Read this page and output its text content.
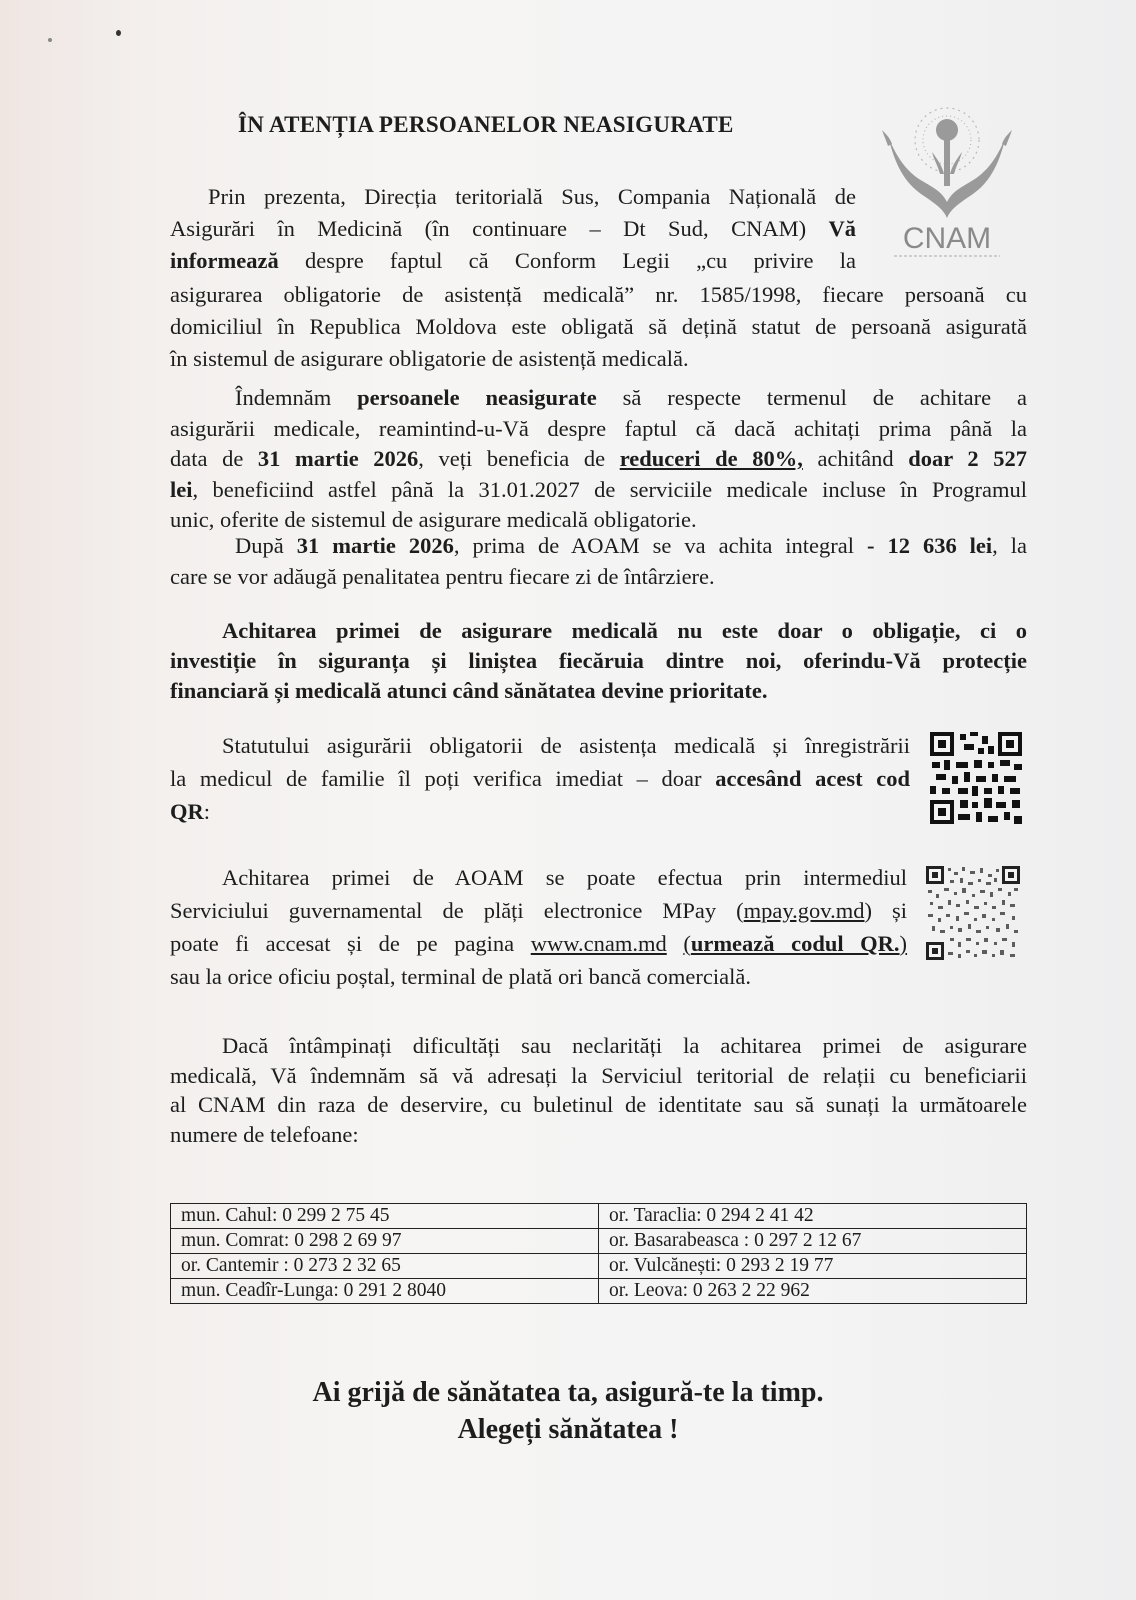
ÎN ATENȚIA PERSOANELOR NEASIGURATE
CNAM
Prin prezenta, Direcția teritorială Sus, Compania Națională de
Asigurări în Medicină (în continuare – Dt Sud, CNAM) Vă
informează despre faptul că Conform Legii „cu privire la
asigurarea obligatorie de asistență medicală” nr. 1585/1998, fiecare persoană cu
domiciliul în Republica Moldova este obligată să dețină statut de persoană asigurată
în sistemul de asigurare obligatorie de asistență medicală.
Îndemnăm persoanele neasigurate să respecte termenul de achitare a
asigurării medicale, reamintind-u-Vă despre faptul că dacă achitați prima până la
data de 31 martie 2026, veți beneficia de reduceri de 80%, achitând doar 2 527
lei, beneficiind astfel până la 31.01.2027 de serviciile medicale incluse în Programul
unic, oferite de sistemul de asigurare medicală obligatorie.
După 31 martie 2026, prima de AOAM se va achita integral - 12 636 lei, la
care se vor adăugă penalitatea pentru fiecare zi de întârziere.
Achitarea primei de asigurare medicală nu este doar o obligație, ci o
investiție în siguranța și liniștea fiecăruia dintre noi, oferindu-Vă protecție
financiară și medicală atunci când sănătatea devine prioritate.
Statutului asigurării obligatorii de asistența medicală și înregistrării
la medicul de familie îl poți verifica imediat – doar accesând acest cod
QR:
Achitarea primei de AOAM se poate efectua prin intermediul
Serviciului guvernamental de plăți electronice MPay (mpay.gov.md) și
poate fi accesat și de pe pagina www.cnam.md (urmează codul QR.)
sau la orice oficiu poștal, terminal de plată ori bancă comercială.
Dacă întâmpinați dificultăți sau neclarități la achitarea primei de asigurare
medicală, Vă îndemnăm să vă adresați la Serviciul teritorial de relații cu beneficiarii
al CNAM din raza de deservire, cu buletinul de identitate sau să sunați la următoarele
numere de telefoane:
mun. Cahul: 0 299 2 75 45	or. Taraclia: 0 294 2 41 42
mun. Comrat: 0 298 2 69 97	or. Basarabeasca : 0 297 2 12 67
or. Cantemir : 0 273 2 32 65	or. Vulcănești: 0 293 2 19 77
mun. Ceadîr-Lunga: 0 291 2 8040	or. Leova: 0 263 2 22 962

Ai grijă de sănătatea ta, asigură-te la timp.

Alegeți sănătatea !
